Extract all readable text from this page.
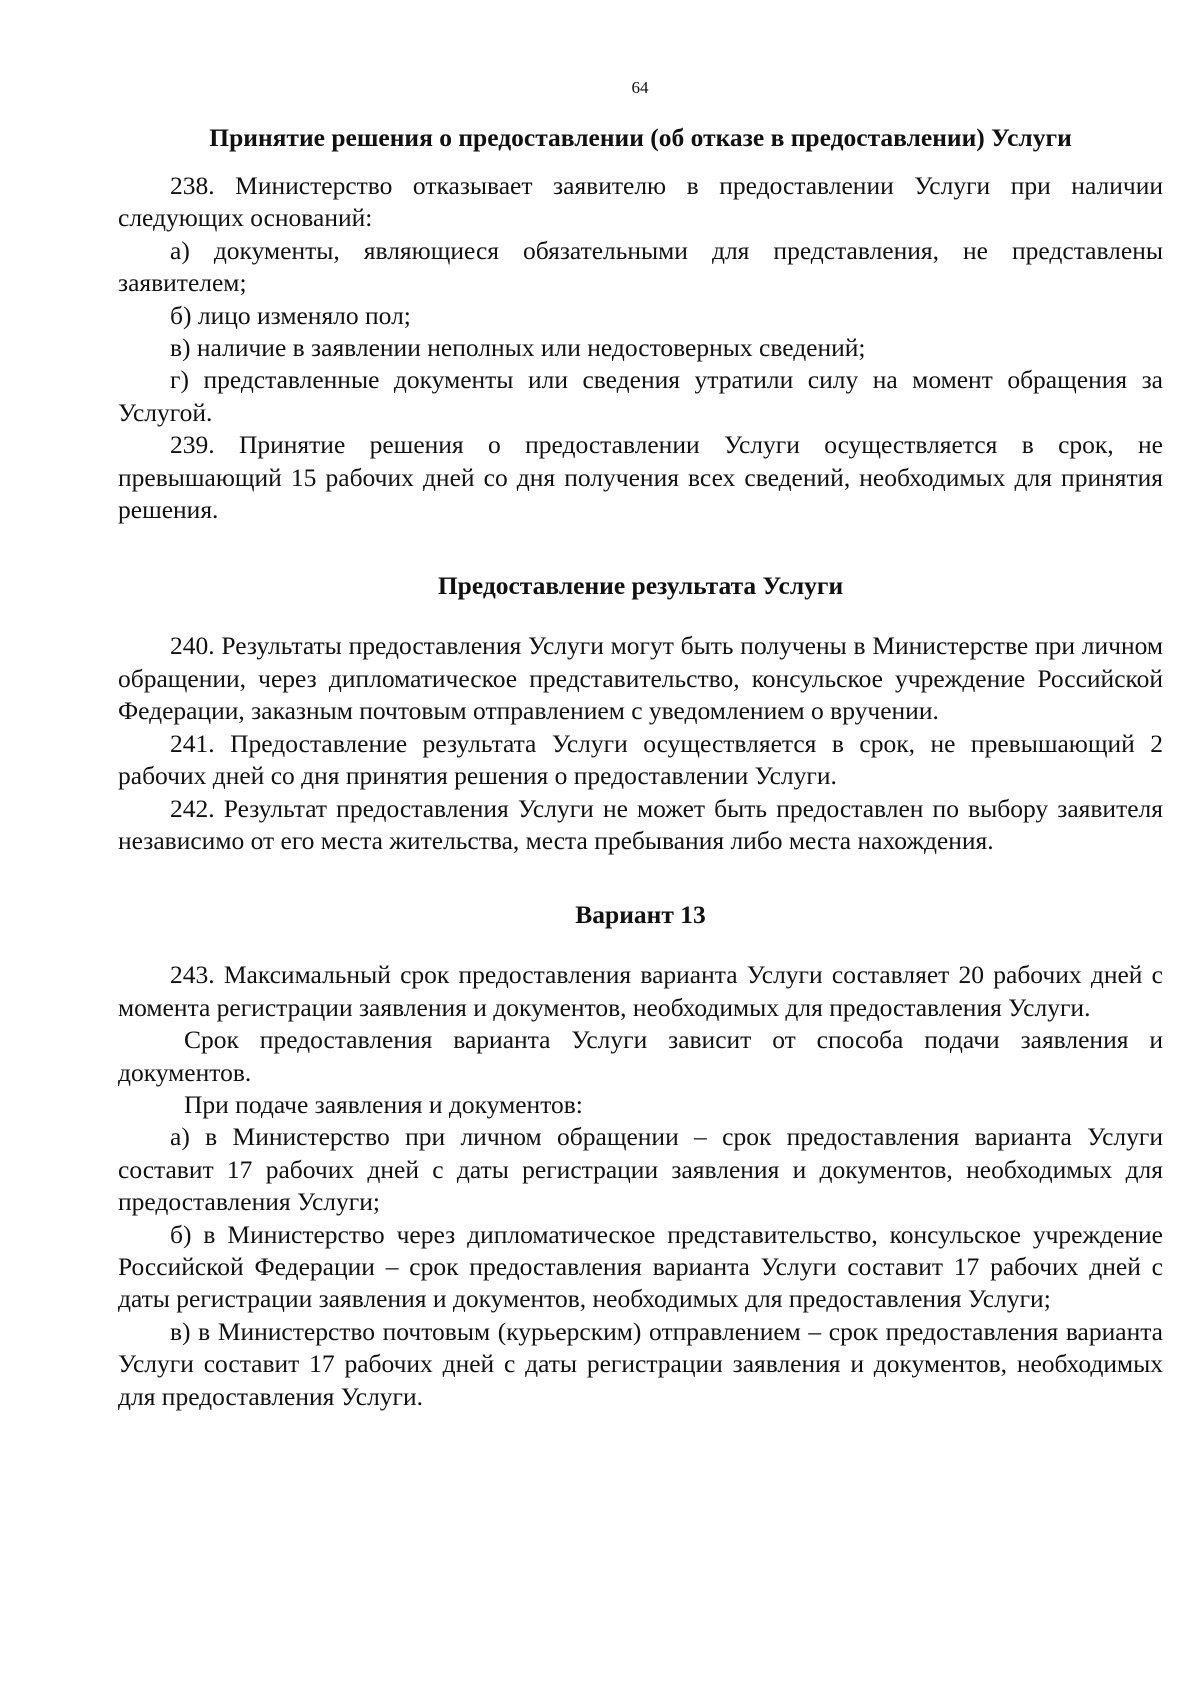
64
Принятие решения о предоставлении (об отказе в предоставлении) Услуги

238. Министерство отказывает заявителю в предоставлении Услуги при наличии следующих оснований:

а) документы, являющиеся обязательными для представления, не представлены заявителем;

б) лицо изменяло пол;

в) наличие в заявлении неполных или недостоверных сведений;

г) представленные документы или сведения утратили силу на момент обращения за Услугой.

239. Принятие решения о предоставлении Услуги осуществляется в срок, не превышающий 15 рабочих дней со дня получения всех сведений, необходимых для принятия решения.

Предоставление результата Услуги

240. Результаты предоставления Услуги могут быть получены в Министерстве при личном обращении, через дипломатическое представительство, консульское учреждение Российской Федерации, заказным почтовым отправлением с уведомлением о вручении.

241. Предоставление результата Услуги осуществляется в срок, не превышающий 2 рабочих дней со дня принятия решения о предоставлении Услуги.

242. Результат предоставления Услуги не может быть предоставлен по выбору заявителя независимо от его места жительства, места пребывания либо места нахождения.

Вариант 13

243. Максимальный срок предоставления варианта Услуги составляет 20 рабочих дней с момента регистрации заявления и документов, необходимых для предоставления Услуги.

Срок предоставления варианта Услуги зависит от способа подачи заявления и документов.

При подаче заявления и документов:

а) в Министерство при личном обращении – срок предоставления варианта Услуги составит 17 рабочих дней с даты регистрации заявления и документов, необходимых для предоставления Услуги;

б) в Министерство через дипломатическое представительство, консульское учреждение Российской Федерации – срок предоставления варианта Услуги составит 17 рабочих дней с даты регистрации заявления и документов, необходимых для предоставления Услуги;

в) в Министерство почтовым (курьерским) отправлением – срок предоставления варианта Услуги составит 17 рабочих дней с даты регистрации заявления и документов, необходимых для предоставления Услуги.
